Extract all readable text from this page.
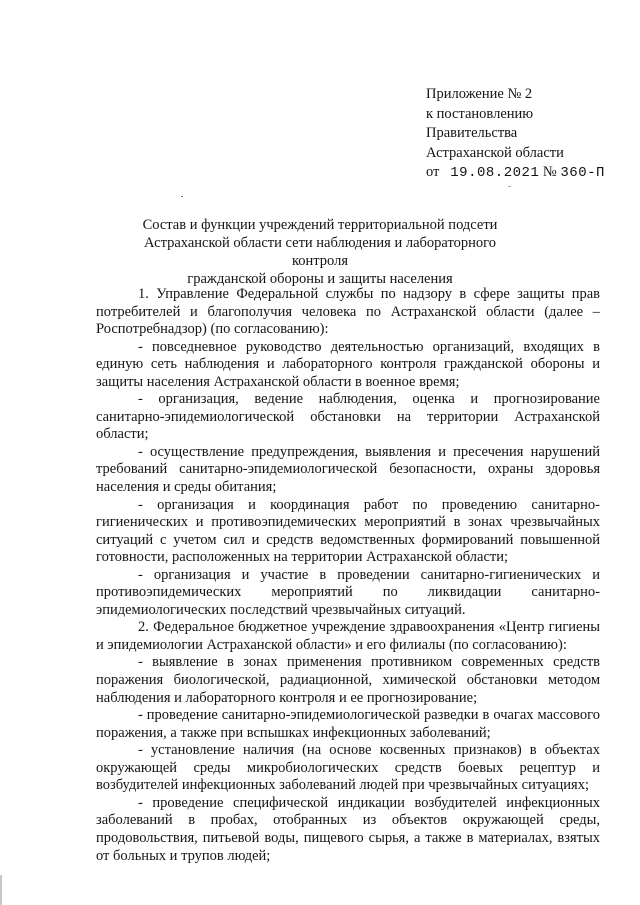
Приложение № 2
к постановлению
Правительства
Астраханской области
от 19.08.2021 № 360-П
Состав и функции учреждений территориальной подсети
Астраханской области сети наблюдения и лабораторного контроля
гражданской обороны и защиты населения

1. Управление Федеральной службы по надзору в сфере защиты прав потребителей и благополучия человека по Астраханской области (далее – Роспотребнадзор) (по согласованию):

- повседневное руководство деятельностью организаций, входящих в единую сеть наблюдения и лабораторного контроля гражданской обороны и защиты населения Астраханской области в военное время;

- организация, ведение наблюдения, оценка и прогнозирование санитарно-эпидемиологической обстановки на территории Астраханской области;

- осуществление предупреждения, выявления и пресечения нарушений требований санитарно-эпидемиологической безопасности, охраны здоровья населения и среды обитания;

- организация и координация работ по проведению санитарно-гигиенических и противоэпидемических мероприятий в зонах чрезвычайных ситуаций с учетом сил и средств ведомственных формирований повышенной готовности, расположенных на территории Астраханской области;

- организация и участие в проведении санитарно-гигиенических и противоэпидемических мероприятий по ликвидации санитарно-эпидемиологических последствий чрезвычайных ситуаций.

2. Федеральное бюджетное учреждение здравоохранения «Центр гигиены и эпидемиологии Астраханской области» и его филиалы (по согласованию):

- выявление в зонах применения противником современных средств поражения биологической, радиационной, химической обстановки методом наблюдения и лабораторного контроля и ее прогнозирование;

- проведение санитарно-эпидемиологической разведки в очагах массового поражения, а также при вспышках инфекционных заболеваний;

- установление наличия (на основе косвенных признаков) в объектах окружающей среды микробиологических средств боевых рецептур и возбудителей инфекционных заболеваний людей при чрезвычайных ситуациях;

- проведение специфической индикации возбудителей инфекционных заболеваний в пробах, отобранных из объектов окружающей среды, продовольствия, питьевой воды, пищевого сырья, а также в материалах, взятых от больных и трупов людей;
